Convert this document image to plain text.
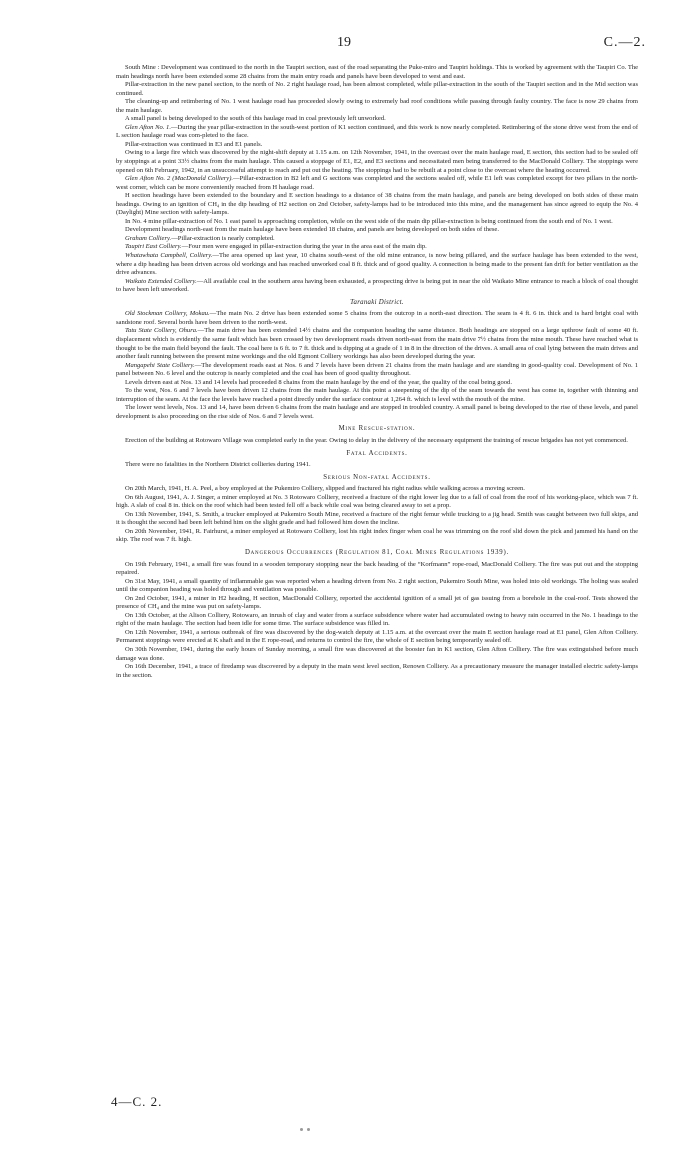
19	C.—2.

South Mine : Development was continued to the north in the Taupiri section, east of the road separating the Puke-miro and Taupiri holdings. This is worked by agreement with the Taupiri Co. The main headings north have been extended some 28 chains from the main entry roads and panels have been developed to west and east.

Pillar-extraction in the new panel section, to the north of No. 2 right haulage road, has been almost completed, while pillar-extraction in the south of the Taupiri section and in the Mid section was continued.

The cleaning-up and retimbering of No. 1 west haulage road has proceeded slowly owing to extremely bad roof conditions while passing through faulty country. The face is now 29 chains from the main haulage.

A small panel is being developed to the south of this haulage road in coal previously left unworked.

Glen Afton No. 1.—During the year pillar-extraction in the south-west portion of K1 section continued, and this work is now nearly completed. Retimbering of the stone drive west from the end of L section haulage road was com-pleted to the face.

Pillar-extraction was continued in E3 and E1 panels.

Owing to a large fire which was discovered by the night-shift deputy at 1.15 a.m. on 12th November, 1941, in the overcast over the main haulage road, E section, this section had to be sealed off by stoppings at a point 33½ chains from the main haulage. This caused a stoppage of E1, E2, and E3 sections and necessitated men being transferred to the MacDonald Colliery. The stoppings were opened on 6th February, 1942, in an unsuccessful attempt to reach and put out the heating. The stoppings had to be rebuilt at a point close to the overcast where the heating occurred.

Glen Afton No. 2 (MacDonald Colliery).—Pillar-extraction in B2 left and G sections was completed and the sections sealed off, while E1 left was completed except for two pillars in the north-west corner, which can be more conveniently reached from H haulage road.

H section headings have been extended to the boundary and E section headings to a distance of 38 chains from the main haulage, and panels are being developed on both sides of these main headings. Owing to an ignition of CH₄ in the dip heading of H2 section on 2nd October, safety-lamps had to be introduced into this mine, and the management has since agreed to equip the No. 4 (Daylight) Mine section with safety-lamps.

In No. 4 mine pillar-extraction of No. 1 east panel is approaching completion, while on the west side of the main dip pillar-extraction is being continued from the south end of No. 1 west.

Development headings north-east from the main haulage have been extended 18 chains, and panels are being developed on both sides of these.

Graham Colliery.—Pillar-extraction is nearly completed.

Taupiri East Colliery.—Four men were engaged in pillar-extraction during the year in the area east of the main dip.

Whatawhata Campbell, Colliery.—The area opened up last year, 10 chains south-west of the old mine entrance, is now being pillared, and the surface haulage has been extended to the west, where a dip heading has been driven across old workings and has reached unworked coal 8 ft. thick and of good quality. A connection is being made to the present fan drift for better ventilation as the drive advances.

Waikato Extended Colliery.—All available coal in the southern area having been exhausted, a prospecting drive is being put in near the old Waikato Mine entrance to reach a block of coal thought to have been left unworked.

Taranaki District.

Old Stockman Colliery, Mokau.—The main No. 2 drive has been extended some 5 chains from the outcrop in a north-east direction. The seam is 4 ft. 6 in. thick and is hard bright coal with sandstone roof. Several bords have been driven to the north-west.

Tatu State Colliery, Ohura.—The main drive has been extended 14½ chains and the companion heading the same distance. Both headings are stopped on a large upthrow fault of some 40 ft. displacement which is evidently the same fault which has been crossed by two development roads driven north-east from the main drive 7½ chains from the mine mouth. These have reached what is thought to be the main field beyond the fault. The coal here is 6 ft. to 7 ft. thick and is dipping at a grade of 1 in 8 in the direction of the drives. A small area of coal lying between the main drives and another fault running between the present mine workings and the old Egmont Colliery workings has also been developed during the year.

Mangapehi State Colliery.—The development roads east at Nos. 6 and 7 levels have been driven 21 chains from the main haulage and are standing in good-quality coal. Development of No. 1 panel between No. 6 level and the outcrop is nearly completed and the coal has been of good quality throughout.

Levels driven east at Nos. 13 and 14 levels had proceeded 8 chains from the main haulage by the end of the year, the quality of the coal being good.

To the west, Nos. 6 and 7 levels have been driven 12 chains from the main haulage. At this point a steepening of the dip of the seam towards the west has come in, together with thinning and interruption of the seam. At the face the levels have reached a point directly under the surface contour at 1,264 ft. which is level with the mouth of the mine.

The lower west levels, Nos. 13 and 14, have been driven 6 chains from the main haulage and are stopped in troubled country. A small panel is being developed to the rise of these levels, and panel development is also proceeding on the rise side of Nos. 6 and 7 levels west.

Mine Rescue-station.

Erection of the building at Rotowaro Village was completed early in the year. Owing to delay in the delivery of the necessary equipment the training of rescue brigades has not yet commenced.

Fatal Accidents.

There were no fatalities in the Northern District collieries during 1941.

Serious Non-fatal Accidents.

On 20th March, 1941, H. A. Peel, a boy employed at the Pukemiro Colliery, slipped and fractured his right radius while walking across a moving screen.

On 6th August, 1941, A. J. Singer, a miner employed at No. 3 Rotowaro Colliery, received a fracture of the right lower leg due to a fall of coal from the roof of his working-place, which was 7 ft. high. A slab of coal 8 in. thick on the roof which had been tested fell off a back while coal was being cleared away to set a prop.

On 13th November, 1941, S. Smith, a trucker employed at Pukemiro South Mine, received a fracture of the right femur while trucking to a jig head. Smith was caught between two full skips, and it is thought the second had been left behind him on the slight grade and had followed him down the incline.

On 20th November, 1941, R. Fairhurst, a miner employed at Rotowaro Colliery, lost his right index finger when coal he was trimming on the roof slid down the pick and jammed his hand on the skip. The roof was 7 ft. high.

Dangerous Occurrences (Regulation 81, Coal Mines Regulations 1939).

On 19th February, 1941, a small fire was found in a wooden temporary stopping near the back heading of the “Korfmann” rope-road, MacDonald Colliery. The fire was put out and the stopping repaired.

On 31st May, 1941, a small quantity of inflammable gas was reported when a heading driven from No. 2 right section, Pukemiro South Mine, was holed into old workings. The holing was sealed until the companion heading was holed through and ventilation was possible.

On 2nd October, 1941, a miner in H2 heading, H section, MacDonald Colliery, reported the accidental ignition of a small jet of gas issuing from a borehole in the coal-roof. Tests showed the presence of CH₄ and the mine was put on safety-lamps.

On 13th October, at the Alison Colliery, Rotowaro, an inrush of clay and water from a surface subsidence where water had accumulated owing to heavy rain occurred in the No. 1 headings to the right of the main haulage. The section had been idle for some time. The surface subsidence was filled in.

On 12th November, 1941, a serious outbreak of fire was discovered by the dog-watch deputy at 1.15 a.m. at the overcast over the main E section haulage road at E1 panel, Glen Afton Colliery. Permanent stoppings were erected at K shaft and in the E rope-road, and returns to control the fire, the whole of E section being temporarily sealed off.

On 30th November, 1941, during the early hours of Sunday morning, a small fire was discovered at the booster fan in K1 section, Glen Afton Colliery. The fire was extinguished before much damage was done.

On 16th December, 1941, a trace of firedamp was discovered by a deputy in the main west level section, Renown Colliery. As a precautionary measure the manager installed electric safety-lamps in the section.

4—C. 2.
